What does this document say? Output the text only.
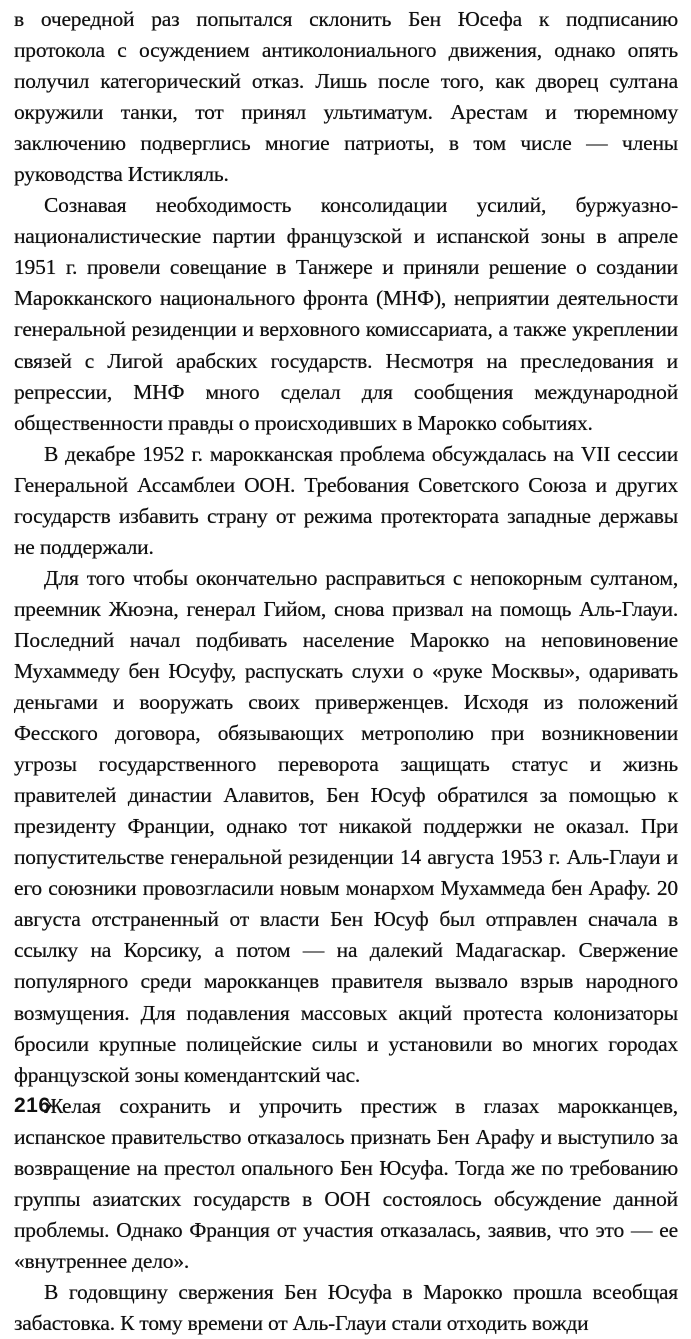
в очередной раз попытался склонить Бен Юсефа к подписанию протокола с осуждением антиколониального движения, однако опять получил категорический отказ. Лишь после того, как дворец султана окружили танки, тот принял ультиматум. Арестам и тюремному заключению подверглись многие патриоты, в том числе — члены руководства Истикляль.

Сознавая необходимость консолидации усилий, буржуазно-националистические партии французской и испанской зоны в апреле 1951 г. провели совещание в Танжере и приняли решение о создании Марокканского национального фронта (МНФ), неприятии деятельности генеральной резиденции и верховного комиссариата, а также укреплении связей с Лигой арабских государств. Несмотря на преследования и репрессии, МНФ много сделал для сообщения международной общественности правды о происходивших в Марокко событиях.

В декабре 1952 г. марокканская проблема обсуждалась на VII сессии Генеральной Ассамблеи ООН. Требования Советского Союза и других государств избавить страну от режима протектората западные державы не поддержали.

Для того чтобы окончательно расправиться с непокорным султаном, преемник Жюэна, генерал Гийом, снова призвал на помощь Аль-Глауи. Последний начал подбивать население Марокко на неповиновение Мухаммеду бен Юсуфу, распускать слухи о «руке Москвы», одаривать деньгами и вооружать своих приверженцев. Исходя из положений Фесского договора, обязывающих метрополию при возникновении угрозы государственного переворота защищать статус и жизнь правителей династии Алавитов, Бен Юсуф обратился за помощью к президенту Франции, однако тот никакой поддержки не оказал. При попустительстве генеральной резиденции 14 августа 1953 г. Аль-Глауи и его союзники провозгласили новым монархом Мухаммеда бен Арафу. 20 августа отстраненный от власти Бен Юсуф был отправлен сначала в ссылку на Корсику, а потом — на далекий Мадагаскар. Свержение популярного среди марокканцев правителя вызвало взрыв народного возмущения. Для подавления массовых акций протеста колонизаторы бросили крупные полицейские силы и установили во многих городах французской зоны комендантский час.

Желая сохранить и упрочить престиж в глазах марокканцев, испанское правительство отказалось признать Бен Арафу и выступило за возвращение на престол опального Бен Юсуфа. Тогда же по требованию группы азиатских государств в ООН состоялось обсуждение данной проблемы. Однако Франция от участия отказалась, заявив, что это — ее «внутреннее дело».

В годовщину свержения Бен Юсуфа в Марокко прошла всеобщая забастовка. К тому времени от Аль-Глауи стали отходить вожди

216
